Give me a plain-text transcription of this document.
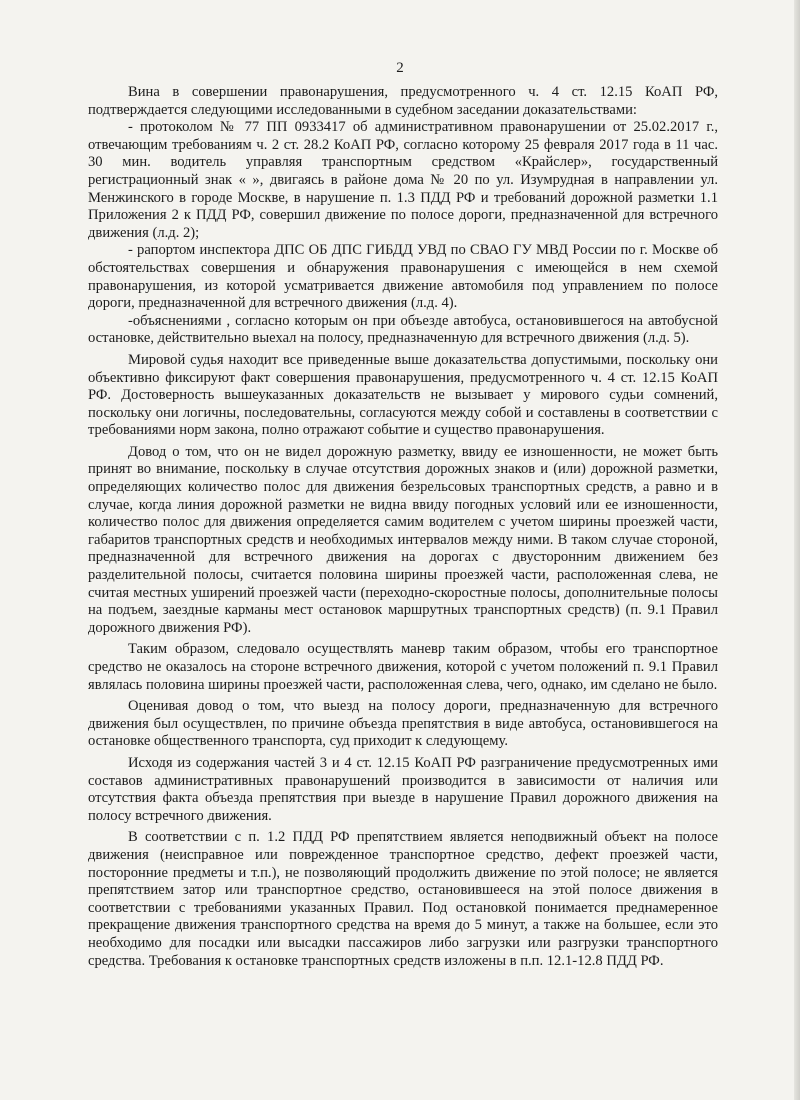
2

Вина в совершении правонарушения, предусмотренного ч. 4 ст. 12.15 КоАП РФ, подтверждается следующими исследованными в судебном заседании доказательствами:

- протоколом № 77 ПП 0933417 об административном правонарушении от 25.02.2017 г., отвечающим требованиям ч. 2 ст. 28.2 КоАП РФ, согласно которому 25 февраля 2017 года в 11 час. 30 мин. водитель управляя транспортным средством «Крайслер», государственный регистрационный знак « », двигаясь в районе дома № 20 по ул. Изумрудная в направлении ул. Менжинского в городе Москве, в нарушение п. 1.3 ПДД РФ и требований дорожной разметки 1.1 Приложения 2 к ПДД РФ, совершил движение по полосе дороги, предназначенной для встречного движения (л.д. 2);

- рапортом инспектора ДПС ОБ ДПС ГИБДД УВД по СВАО ГУ МВД России по г. Москве об обстоятельствах совершения и обнаружения правонарушения с имеющейся в нем схемой правонарушения, из которой усматривается движение автомобиля под управлением по полосе дороги, предназначенной для встречного движения (л.д. 4).

-объяснениями , согласно которым он при объезде автобуса, остановившегося на автобусной остановке, действительно выехал на полосу, предназначенную для встречного движения (л.д. 5).

Мировой судья находит все приведенные выше доказательства допустимыми, поскольку они объективно фиксируют факт совершения правонарушения, предусмотренного ч. 4 ст. 12.15 КоАП РФ. Достоверность вышеуказанных доказательств не вызывает у мирового судьи сомнений, поскольку они логичны, последовательны, согласуются между собой и составлены в соответствии с требованиями норм закона, полно отражают событие и существо правонарушения.

Довод о том, что он не видел дорожную разметку, ввиду ее изношенности, не может быть принят во внимание, поскольку в случае отсутствия дорожных знаков и (или) дорожной разметки, определяющих количество полос для движения безрельсовых транспортных средств, а равно и в случае, когда линия дорожной разметки не видна ввиду погодных условий или ее изношенности, количество полос для движения определяется самим водителем с учетом ширины проезжей части, габаритов транспортных средств и необходимых интервалов между ними. В таком случае стороной, предназначенной для встречного движения на дорогах с двусторонним движением без разделительной полосы, считается половина ширины проезжей части, расположенная слева, не считая местных уширений проезжей части (переходно-скоростные полосы, дополнительные полосы на подъем, заездные карманы мест остановок маршрутных транспортных средств) (п. 9.1 Правил дорожного движения РФ).

Таким образом, следовало осуществлять маневр таким образом, чтобы его транспортное средство не оказалось на стороне встречного движения, которой с учетом положений п. 9.1 Правил являлась половина ширины проезжей части, расположенная слева, чего, однако, им сделано не было.

Оценивая довод о том, что выезд на полосу дороги, предназначенную для встречного движения был осуществлен, по причине объезда препятствия в виде автобуса, остановившегося на остановке общественного транспорта, суд приходит к следующему.

Исходя из содержания частей 3 и 4 ст. 12.15 КоАП РФ разграничение предусмотренных ими составов административных правонарушений производится в зависимости от наличия или отсутствия факта объезда препятствия при выезде в нарушение Правил дорожного движения на полосу встречного движения.

В соответствии с п. 1.2 ПДД РФ препятствием является неподвижный объект на полосе движения (неисправное или поврежденное транспортное средство, дефект проезжей части, посторонние предметы и т.п.), не позволяющий продолжить движение по этой полосе; не является препятствием затор или транспортное средство, остановившееся на этой полосе движения в соответствии с требованиями указанных Правил. Под остановкой понимается преднамеренное прекращение движения транспортного средства на время до 5 минут, а также на большее, если это необходимо для посадки или высадки пассажиров либо загрузки или разгрузки транспортного средства. Требования к остановке транспортных средств изложены в п.п. 12.1-12.8 ПДД РФ.
